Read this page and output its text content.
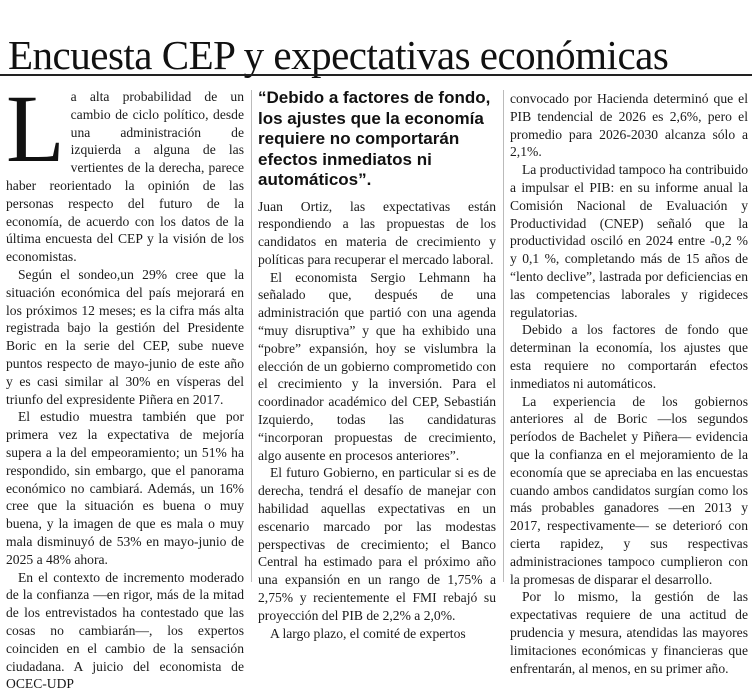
Encuesta CEP y expectativas económicas
L a alta probabilidad de un cambio de ciclo político, desde una administración de izquierda a alguna de las vertientes de la derecha, parece haber reorientado la opinión de las personas respecto del futuro de la economía, de acuerdo con los datos de la última encuesta del CEP y la visión de los economistas.

Según el sondeo,un 29% cree que la situación económica del país mejorará en los próximos 12 meses; es la cifra más alta registrada bajo la gestión del Presidente Boric en la serie del CEP, sube nueve puntos respecto de mayo-junio de este año y es casi similar al 30% en vísperas del triunfo del expresidente Piñera en 2017.

El estudio muestra también que por primera vez la expectativa de mejoría supera a la del empeoramiento; un 51% ha respondido, sin embargo, que el panorama económico no cambiará. Además, un 16% cree que la situación es buena o muy buena, y la imagen de que es mala o muy mala disminuyó de 53% en mayo-junio de 2025 a 48% ahora.

En el contexto de incremento moderado de la confianza —en rigor, más de la mitad de los entrevistados ha contestado que las cosas no cambiarán—, los expertos coinciden en el cambio de la sensación ciudadana. A juicio del economista de OCEC-UDP

“Debido a factores de fondo, los ajustes que la economía requiere no comportarán efectos inmediatos ni automáticos”.

Juan Ortiz, las expectativas están respondiendo a las propuestas de los candidatos en materia de crecimiento y políticas para recuperar el mercado laboral.

El economista Sergio Lehmann ha señalado que, después de una administración que partió con una agenda “muy disruptiva” y que ha exhibido una “pobre” expansión, hoy se vislumbra la elección de un gobierno comprometido con el crecimiento y la inversión. Para el coordinador académico del CEP, Sebastián Izquierdo, todas las candidaturas “incorporan propuestas de crecimiento, algo ausente en procesos anteriores”.

El futuro Gobierno, en particular si es de derecha, tendrá el desafío de manejar con habilidad aquellas expectativas en un escenario marcado por las modestas perspectivas de crecimiento; el Banco Central ha estimado para el próximo año una expansión en un rango de 1,75% a 2,75% y recientemente el FMI rebajó su proyección del PIB de 2,2% a 2,0%.

A largo plazo, el comité de expertos

convocado por Hacienda determinó que el PIB tendencial de 2026 es 2,6%, pero el promedio para 2026-2030 alcanza sólo a 2,1%.

La productividad tampoco ha contribuido a impulsar el PIB: en su informe anual la Comisión Nacional de Evaluación y Productividad (CNEP) señaló que la productividad osciló en 2024 entre -0,2 % y 0,1 %, completando más de 15 años de “lento declive”, lastrada por deficiencias en las competencias laborales y rigideces regulatorias.

Debido a los factores de fondo que determinan la economía, los ajustes que esta requiere no comportarán efectos inmediatos ni automáticos.

La experiencia de los gobiernos anteriores al de Boric —los segundos períodos de Bachelet y Piñera— evidencia que la confianza en el mejoramiento de la economía que se apreciaba en las encuestas cuando ambos candidatos surgían como los más probables ganadores —en 2013 y 2017, respectivamente— se deterioró con cierta rapidez, y sus respectivas administraciones tampoco cumplieron con la promesas de disparar el desarrollo.

Por lo mismo, la gestión de las expectativas requiere de una actitud de prudencia y mesura, atendidas las mayores limitaciones económicas y financieras que enfrentarán, al menos, en su primer año.
